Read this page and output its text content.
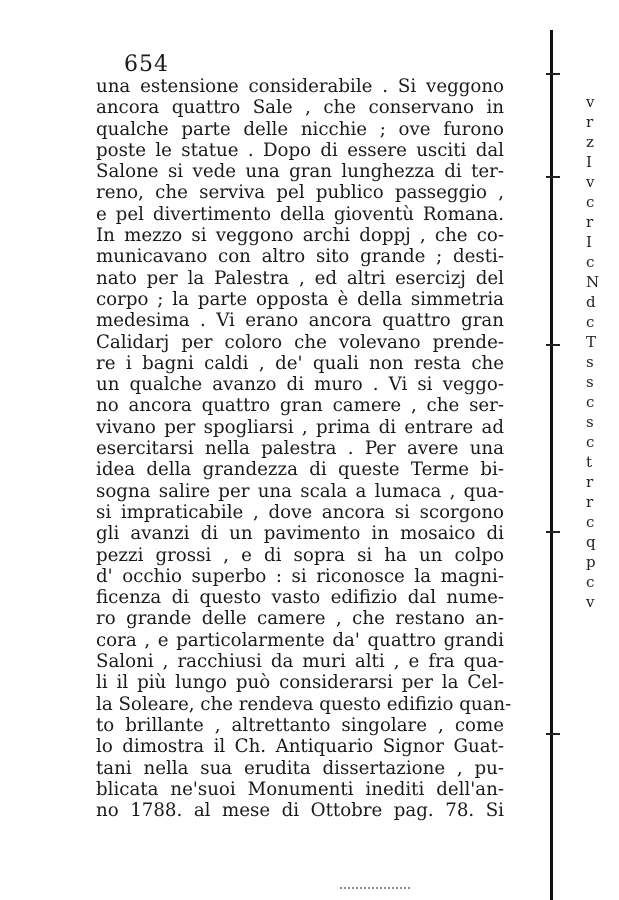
654
una estensione considerabile . Si veggono
ancora quattro Sale , che conservano in
qualche parte delle nicchie ; ove furono
poste le statue . Dopo di essere usciti dal
Salone si vede una gran lunghezza di ter-
reno, che serviva pel publico passeggio ,
e pel divertimento della gioventù Romana.
In mezzo si veggono archi doppj , che co-
municavano con altro sito grande ; desti-
nato per la Palestra , ed altri esercizj del
corpo ; la parte opposta è della simmetria
medesima . Vi erano ancora quattro gran
Calidarj per coloro che volevano prende-
re i bagni caldi , de' quali non resta che
un qualche avanzo di muro . Vi si veggo-
no ancora quattro gran camere , che ser-
vivano per spogliarsi , prima di entrare ad
esercitarsi nella palestra . Per avere una
idea della grandezza di queste Terme bi-
sogna salire per una scala a lumaca , qua-
si impraticabile , dove ancora si scorgono
gli avanzi di un pavimento in mosaico di
pezzi grossi , e di sopra si ha un colpo
d' occhio superbo : si riconosce la magni-
ficenza di questo vasto edifizio dal nume-
ro grande delle camere , che restano an-
cora , e particolarmente da' quattro grandi
Saloni , racchiusi da muri alti , e fra qua-
li il più lungo può considerarsi per la Cel-
la Soleare, che rendeva questo edifizio quan-
to brillante , altrettanto singolare , come
lo dimostra il Ch. Antiquario Signor Guat-
tani nella sua erudita dissertazione , pu-
blicata ne'suoi Monumenti inediti dell'an-
no 1788. al mese di Ottobre pag. 78. Si
v
r
z
I
v
c
r
I
c
N
d
c
T
s
s
c
s
c
t
r
r
c
q
p
c
v
